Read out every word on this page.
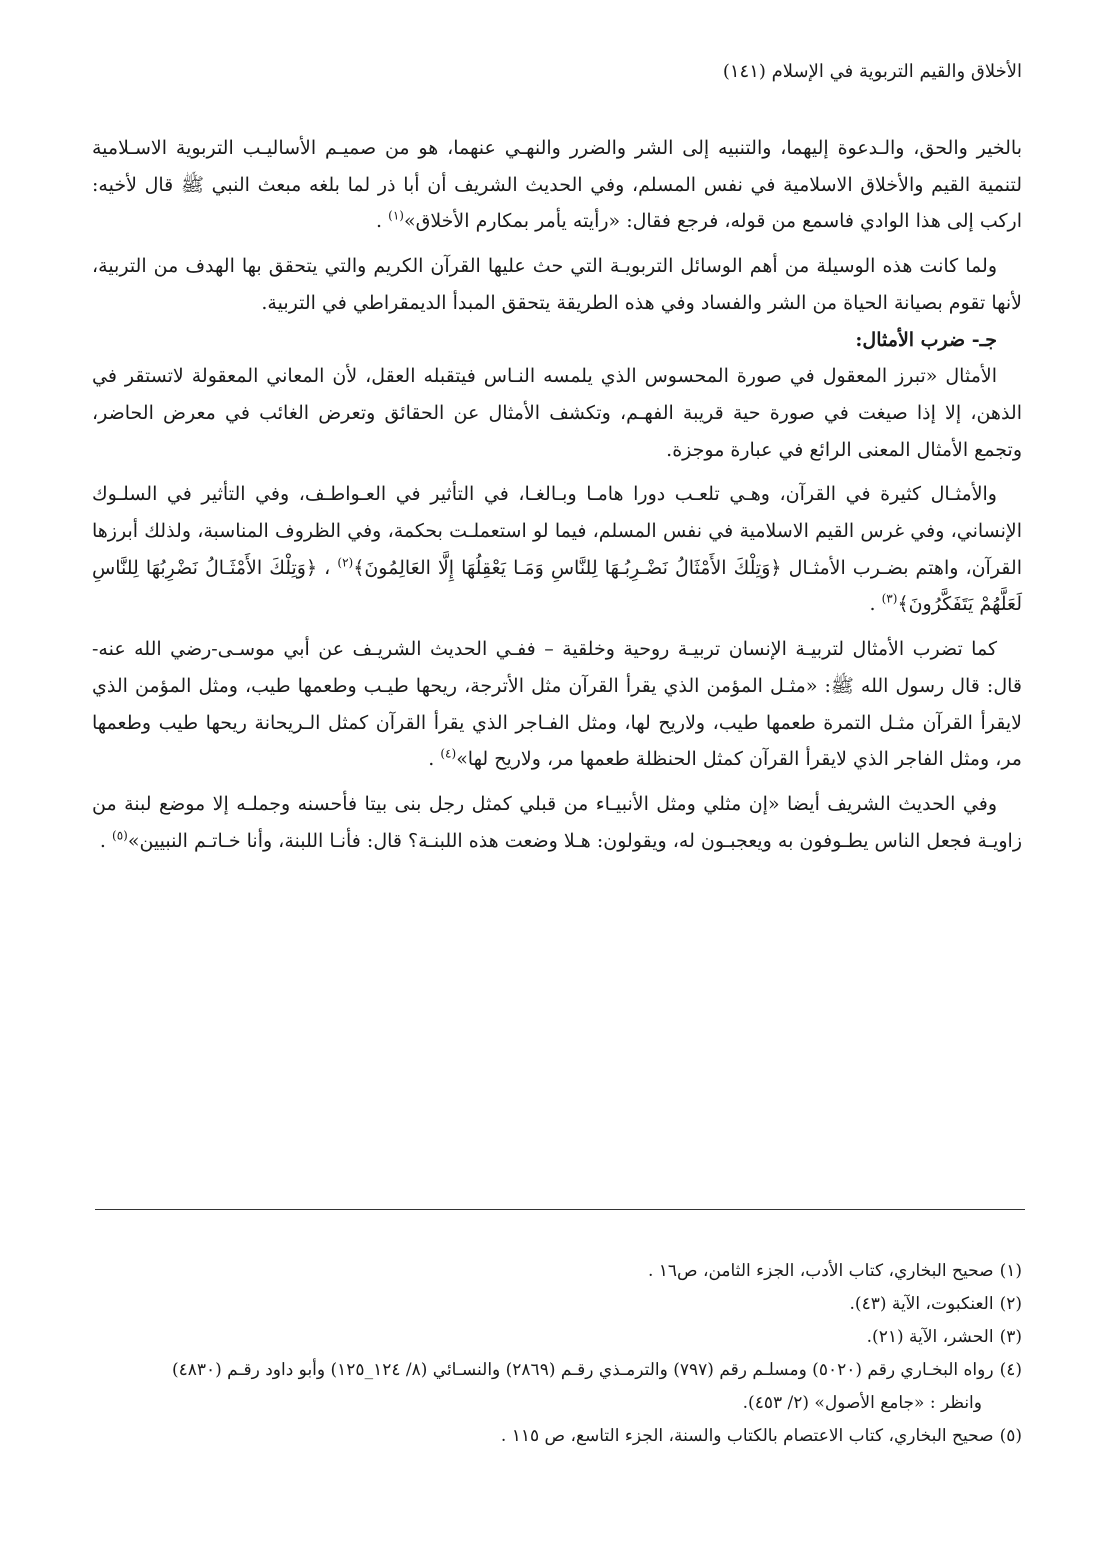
الأخلاق والقيم التربوية في الإسلام (١٤١)

بالخير والحق، والـدعوة إليهما، والتنبيه إلى الشر والضرر والنهـي عنهما، هو من صميـم الأساليـب التربوية الاسـلامية لتنمية القيم والأخلاق الاسلامية في نفس المسلم، وفي الحديث الشريف أن أبا ذر لما بلغه مبعث النبي ﷺ قال لأخيه: اركب إلى هذا الوادي فاسمع من قوله، فرجع فقال: «رأيته يأمر بمكارم الأخلاق»$^{(١)}$ .

ولما كانت هذه الوسيلة من أهم الوسائل التربويـة التي حث عليها القرآن الكريم والتي يتحقق بها الهدف من التربية، لأنها تقوم بصيانة الحياة من الشر والفساد وفي هذه الطريقة يتحقق المبدأ الديمقراطي في التربية.

جـ- ضرب الأمثال:

الأمثال «تبرز المعقول في صورة المحسوس الذي يلمسه النـاس فيتقبله العقل، لأن المعاني المعقولة لاتستقر في الذهن، إلا إذا صيغت في صورة حية قريبة الفهـم، وتكشف الأمثال عن الحقائق وتعرض الغائب في معرض الحاضر، وتجمع الأمثال المعنى الرائع في عبارة موجزة.

والأمثـال كثيرة في القرآن، وهـي تلعـب دورا هامـا وبـالغـا، في التأثير في العـواطـف، وفي التأثير في السلـوك الإنساني، وفي غرس القيم الاسلامية في نفس المسلم، فيما لو استعملـت بحكمة، وفي الظروف المناسبة، ولذلك أبرزها القرآن، واهتم بضـرب الأمثـال ﴿وَتِلْكَ الأَمْثَالُ نَضْـرِبُـهَا لِلنَّاسِ وَمَـا يَعْقِلُهَا إِلَّا العَالِمُونَ﴾$^{(٢)}$ ، ﴿وَتِلْكَ الأَمْثَـالُ نَضْرِبُهَا لِلنَّاسِ لَعَلَّهُمْ يَتَفَكَّرُونَ﴾$^{(٣)}$ .

كما تضرب الأمثال لتربيـة الإنسان تربيـة روحية وخلقية – ففـي الحديث الشريـف عن أبي موسـى-رضي الله عنه- قال: قال رسول الله ﷺ: «مثـل المؤمن الذي يقرأ القرآن مثل الأترجة، ريحها طيـب وطعمها طيب، ومثل المؤمن الذي لايقرأ القرآن مثـل التمرة طعمها طيب، ولاريح لها، ومثل الفـاجر الذي يقرأ القرآن كمثل الـريحانة ريحها طيب وطعمها مر، ومثل الفاجر الذي لايقرأ القرآن كمثل الحنظلة طعمها مر، ولاريح لها»$^{(٤)}$ .

وفي الحديث الشريف أيضا «إن مثلي ومثل الأنبيـاء من قبلي كمثل رجل بنى بيتا فأحسنه وجملـه إلا موضع لبنة من زاويـة فجعل الناس يطـوفون به ويعجبـون له، ويقولون: هـلا وضعت هذه اللبنـة؟ قال: فأنـا اللبنة، وأنا خـاتـم النبيين»$^{(٥)}$ .

(١)صحيح البخاري، كتاب الأدب، الجزء الثامن، ص١٦ .
(٢)العنكبوت، الآية (٤٣).
(٣)الحشر، الآية (٢١).
(٤)رواه البخـاري رقم (٥٠٢٠) ومسلـم رقم (٧٩٧) والترمـذي رقـم (٢٨٦٩) والنسـائي (٨/ ١٢٤_١٢٥) وأبو داود رقـم (٤٨٣٠)
وانظر : «جامع الأصول» (٢/ ٤٥٣).
(٥)صحيح البخاري، كتاب الاعتصام بالكتاب والسنة، الجزء التاسع، ص ١١٥ .
